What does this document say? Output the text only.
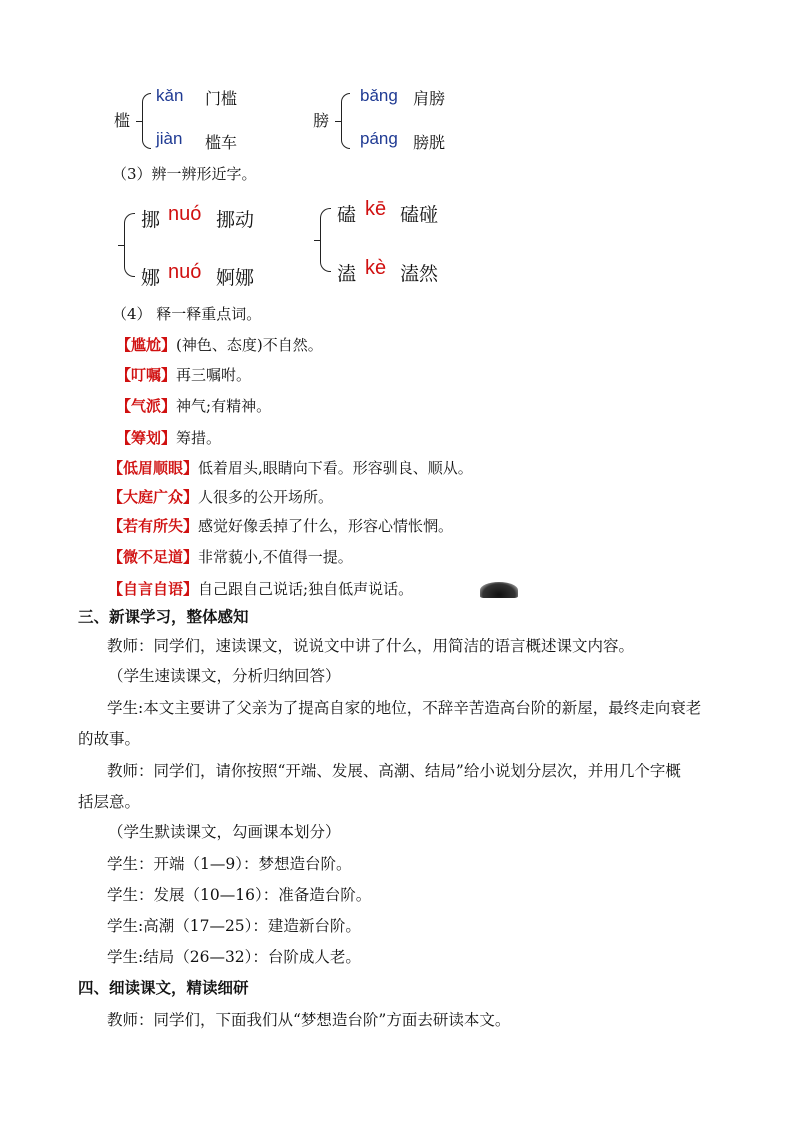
槛
kǎn 门槛
jiàn 槛车
膀
bǎng 肩膀
páng 膀胱
（3）辨一辨形近字。
挪 nuó 挪动
娜 nuó 婀娜
磕 kē 磕碰
溘 kè 溘然
（4） 释一释重点词。
【尴尬】(神色、态度)不自然。
【叮嘱】再三嘱咐。
【气派】神气;有精神。
【筹划】筹措。
【低眉顺眼】低着眉头,眼睛向下看。形容驯良、顺从。
【大庭广众】人很多的公开场所。
【若有所失】感觉好像丢掉了什么，形容心情怅惘。
【微不足道】非常藐小,不值得一提。
【自言自语】自己跟自己说话;独自低声说话。
三、新课学习，整体感知
教师：同学们，速读课文，说说文中讲了什么，用简洁的语言概述课文内容。
（学生速读课文，分析归纳回答）
学生:本文主要讲了父亲为了提高自家的地位，不辞辛苦造高台阶的新屋，最终走向衰老
的故事。
教师：同学们，请你按照“开端、发展、高潮、结局”给小说划分层次，并用几个字概
括层意。
（学生默读课文，勾画课本划分）
学生：开端（1—9）：梦想造台阶。
学生：发展（10—16）：准备造台阶。
学生:高潮（17—25）：建造新台阶。
学生:结局（26—32）：台阶成人老。
四、细读课文，精读细研
教师：同学们，下面我们从“梦想造台阶”方面去研读本文。
